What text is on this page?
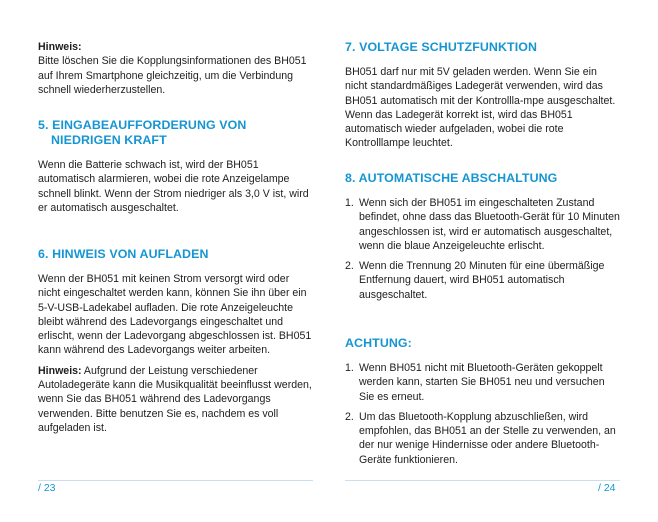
Hinweis:

Bitte löschen Sie die Kopplungsinformationen des BH051 auf Ihrem Smartphone gleichzeitig, um die Verbindung schnell wiederherzustellen.

5. EINGABEAUFFORDERUNG VON
NIEDRIGEN KRAFT

Wenn die Batterie schwach ist, wird der BH051 automatisch alarmieren, wobei die rote Anzeigelampe schnell blinkt. Wenn der Strom niedriger als 3,0 V ist, wird er automatisch ausgeschaltet.

6. HINWEIS VON AUFLADEN

Wenn der BH051 mit keinen Strom versorgt wird oder nicht eingeschaltet werden kann, können Sie ihn über ein 5-V-USB-Ladekabel aufladen. Die rote Anzeigeleuchte bleibt während des Ladevorgangs eingeschaltet und erlischt, wenn der Ladevorgang abgeschlossen ist. BH051 kann während des Ladevorgangs weiter arbeiten.

Hinweis: Aufgrund der Leistung verschiedener Autoladegeräte kann die Musikqualität beeinflusst werden, wenn Sie das BH051 während des Ladevorgangs verwenden. Bitte benutzen Sie es, nachdem es voll aufgeladen ist.

/ 23
7. VOLTAGE SCHUTZFUNKTION

BH051 darf nur mit 5V geladen werden. Wenn Sie ein nicht standardmäßiges Ladegerät verwenden, wird das BH051 automatisch mit der Kontrollla-mpe ausgeschaltet. Wenn das Ladegerät korrekt ist, wird das BH051 automatisch wieder aufgeladen, wobei die rote Kontrolllampe leuchtet.

8. AUTOMATISCHE ABSCHALTUNG
1. Wenn sich der BH051 im eingeschalteten Zustand befindet, ohne dass das Bluetooth-Gerät für 10 Minuten angeschlossen ist, wird er automatisch ausgeschaltet, wenn die blaue Anzeigeleuchte erlischt.
2. Wenn die Trennung 20 Minuten für eine übermäßige Entfernung dauert, wird BH051 automatisch ausgeschaltet.
ACHTUNG:
1. Wenn BH051 nicht mit Bluetooth-Geräten gekoppelt werden kann, starten Sie BH051 neu und versuchen Sie es erneut.
2. Um das Bluetooth-Kopplung abzuschließen, wird empfohlen, das BH051 an der Stelle zu verwenden, an der nur wenige Hindernisse oder andere Bluetooth-Geräte funktionieren.
/ 24
